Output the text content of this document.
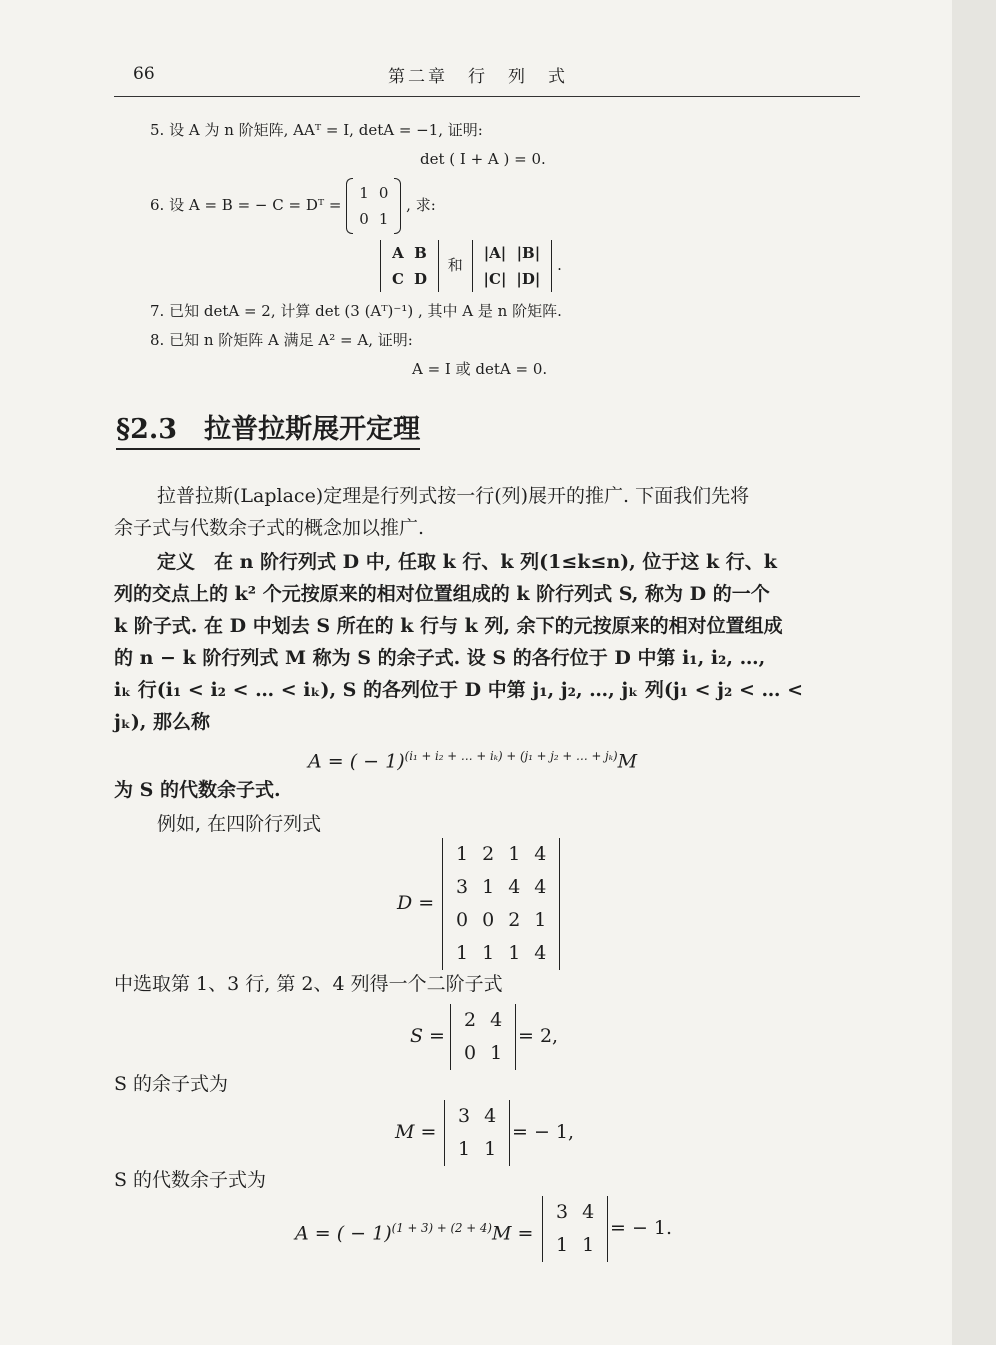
66	第二章　行　列　式
5. 设 A 为 n 阶矩阵, AAᵀ = I, detA = −1, 证明:
det ( I + A ) = 0.
6. 设 A = B = − C = Dᵀ =
1	0
0	1
, 求:
A	B
C	D
和
|A|	|B|
|C|	|D|
.
7. 已知 detA = 2, 计算 det (3 (Aᵀ)⁻¹) , 其中 A 是 n 阶矩阵.
8. 已知 n 阶矩阵 A 满足 A² = A, 证明:
A = I 或 detA = 0.
§2.3　拉普拉斯展开定理
拉普拉斯(Laplace)定理是行列式按一行(列)展开的推广. 下面我们先将
余子式与代数余子式的概念加以推广.
定义　在 n 阶行列式 D 中, 任取 k 行、k 列(1≤k≤n), 位于这 k 行、k
列的交点上的 k² 个元按原来的相对位置组成的 k 阶行列式 S, 称为 D 的一个
k 阶子式. 在 D 中划去 S 所在的 k 行与 k 列, 余下的元按原来的相对位置组成
的 n − k 阶行列式 M 称为 S 的余子式. 设 S 的各行位于 D 中第 i₁, i₂, …,
iₖ 行(i₁ < i₂ < … < iₖ), S 的各列位于 D 中第 j₁, j₂, …, jₖ 列(j₁ < j₂ < … <
jₖ), 那么称
A = ( − 1)$^{(i_1 + i_2 + \dots + i_k) + (j_1 + j_2 + \dots + j_k)}$M
为 S 的代数余子式.
例如, 在四阶行列式
D =
1	2	1	4
3	1	4	4
0	0	2	1
1	1	1	4
中选取第 1、3 行, 第 2、4 列得一个二阶子式
S =
2	4
0	1
= 2,
S 的余子式为
M =
3	4
1	1
= − 1,
S 的代数余子式为
A = ( − 1)$^{(1 + 3) + (2 + 4)}$M =
3	4
1	1
= − 1.
